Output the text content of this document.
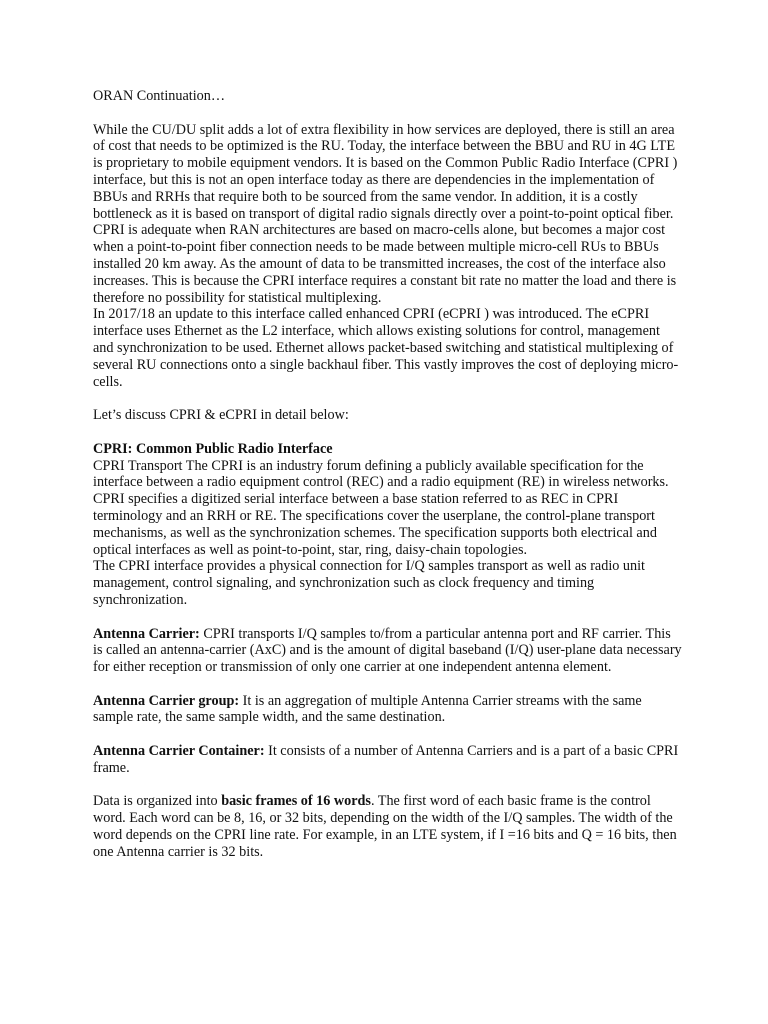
ORAN Continuation…

While the CU/DU split adds a lot of extra flexibility in how services are deployed, there is still an area of cost that needs to be optimized is the RU. Today, the interface between the BBU and RU in 4G LTE is proprietary to mobile equipment vendors. It is based on the Common Public Radio Interface (CPRI ) interface, but this is not an open interface today as there are dependencies in the implementation of BBUs and RRHs that require both to be sourced from the same vendor. In addition, it is a costly bottleneck as it is based on transport of digital radio signals directly over a point-to-point optical fiber. CPRI is adequate when RAN architectures are based on macro-cells alone, but becomes a major cost when a point-to-point fiber connection needs to be made between multiple micro-cell RUs to BBUs installed 20 km away. As the amount of data to be transmitted increases, the cost of the interface also increases. This is because the CPRI interface requires a constant bit rate no matter the load and there is therefore no possibility for statistical multiplexing.

In 2017/18 an update to this interface called enhanced CPRI (eCPRI ) was introduced. The eCPRI interface uses Ethernet as the L2 interface, which allows existing solutions for control, management and synchronization to be used. Ethernet allows packet-based switching and statistical multiplexing of several RU connections onto a single backhaul fiber. This vastly improves the cost of deploying micro-cells.

Let’s discuss CPRI & eCPRI in detail below:

CPRI: Common Public Radio Interface
CPRI Transport The CPRI is an industry forum defining a publicly available specification for the interface between a radio equipment control (REC) and a radio equipment (RE) in wireless networks. CPRI specifies a digitized serial interface between a base station referred to as REC in CPRI terminology and an RRH or RE. The specifications cover the userplane, the control-plane transport mechanisms, as well as the synchronization schemes. The specification supports both electrical and optical interfaces as well as point-to-point, star, ring, daisy-chain topologies.

The CPRI interface provides a physical connection for I/Q samples transport as well as radio unit management, control signaling, and synchronization such as clock frequency and timing synchronization.

Antenna Carrier: CPRI transports I/Q samples to/from a particular antenna port and RF carrier. This is called an antenna-carrier (AxC) and is the amount of digital baseband (I/Q) user-plane data necessary for either reception or transmission of only one carrier at one independent antenna element.

Antenna Carrier group: It is an aggregation of multiple Antenna Carrier streams with the same sample rate, the same sample width, and the same destination.

Antenna Carrier Container: It consists of a number of Antenna Carriers and is a part of a basic CPRI frame.

Data is organized into basic frames of 16 words. The first word of each basic frame is the control word. Each word can be 8, 16, or 32 bits, depending on the width of the I/Q samples. The width of the word depends on the CPRI line rate. For example, in an LTE system, if I =16 bits and Q = 16 bits, then one Antenna carrier is 32 bits.
